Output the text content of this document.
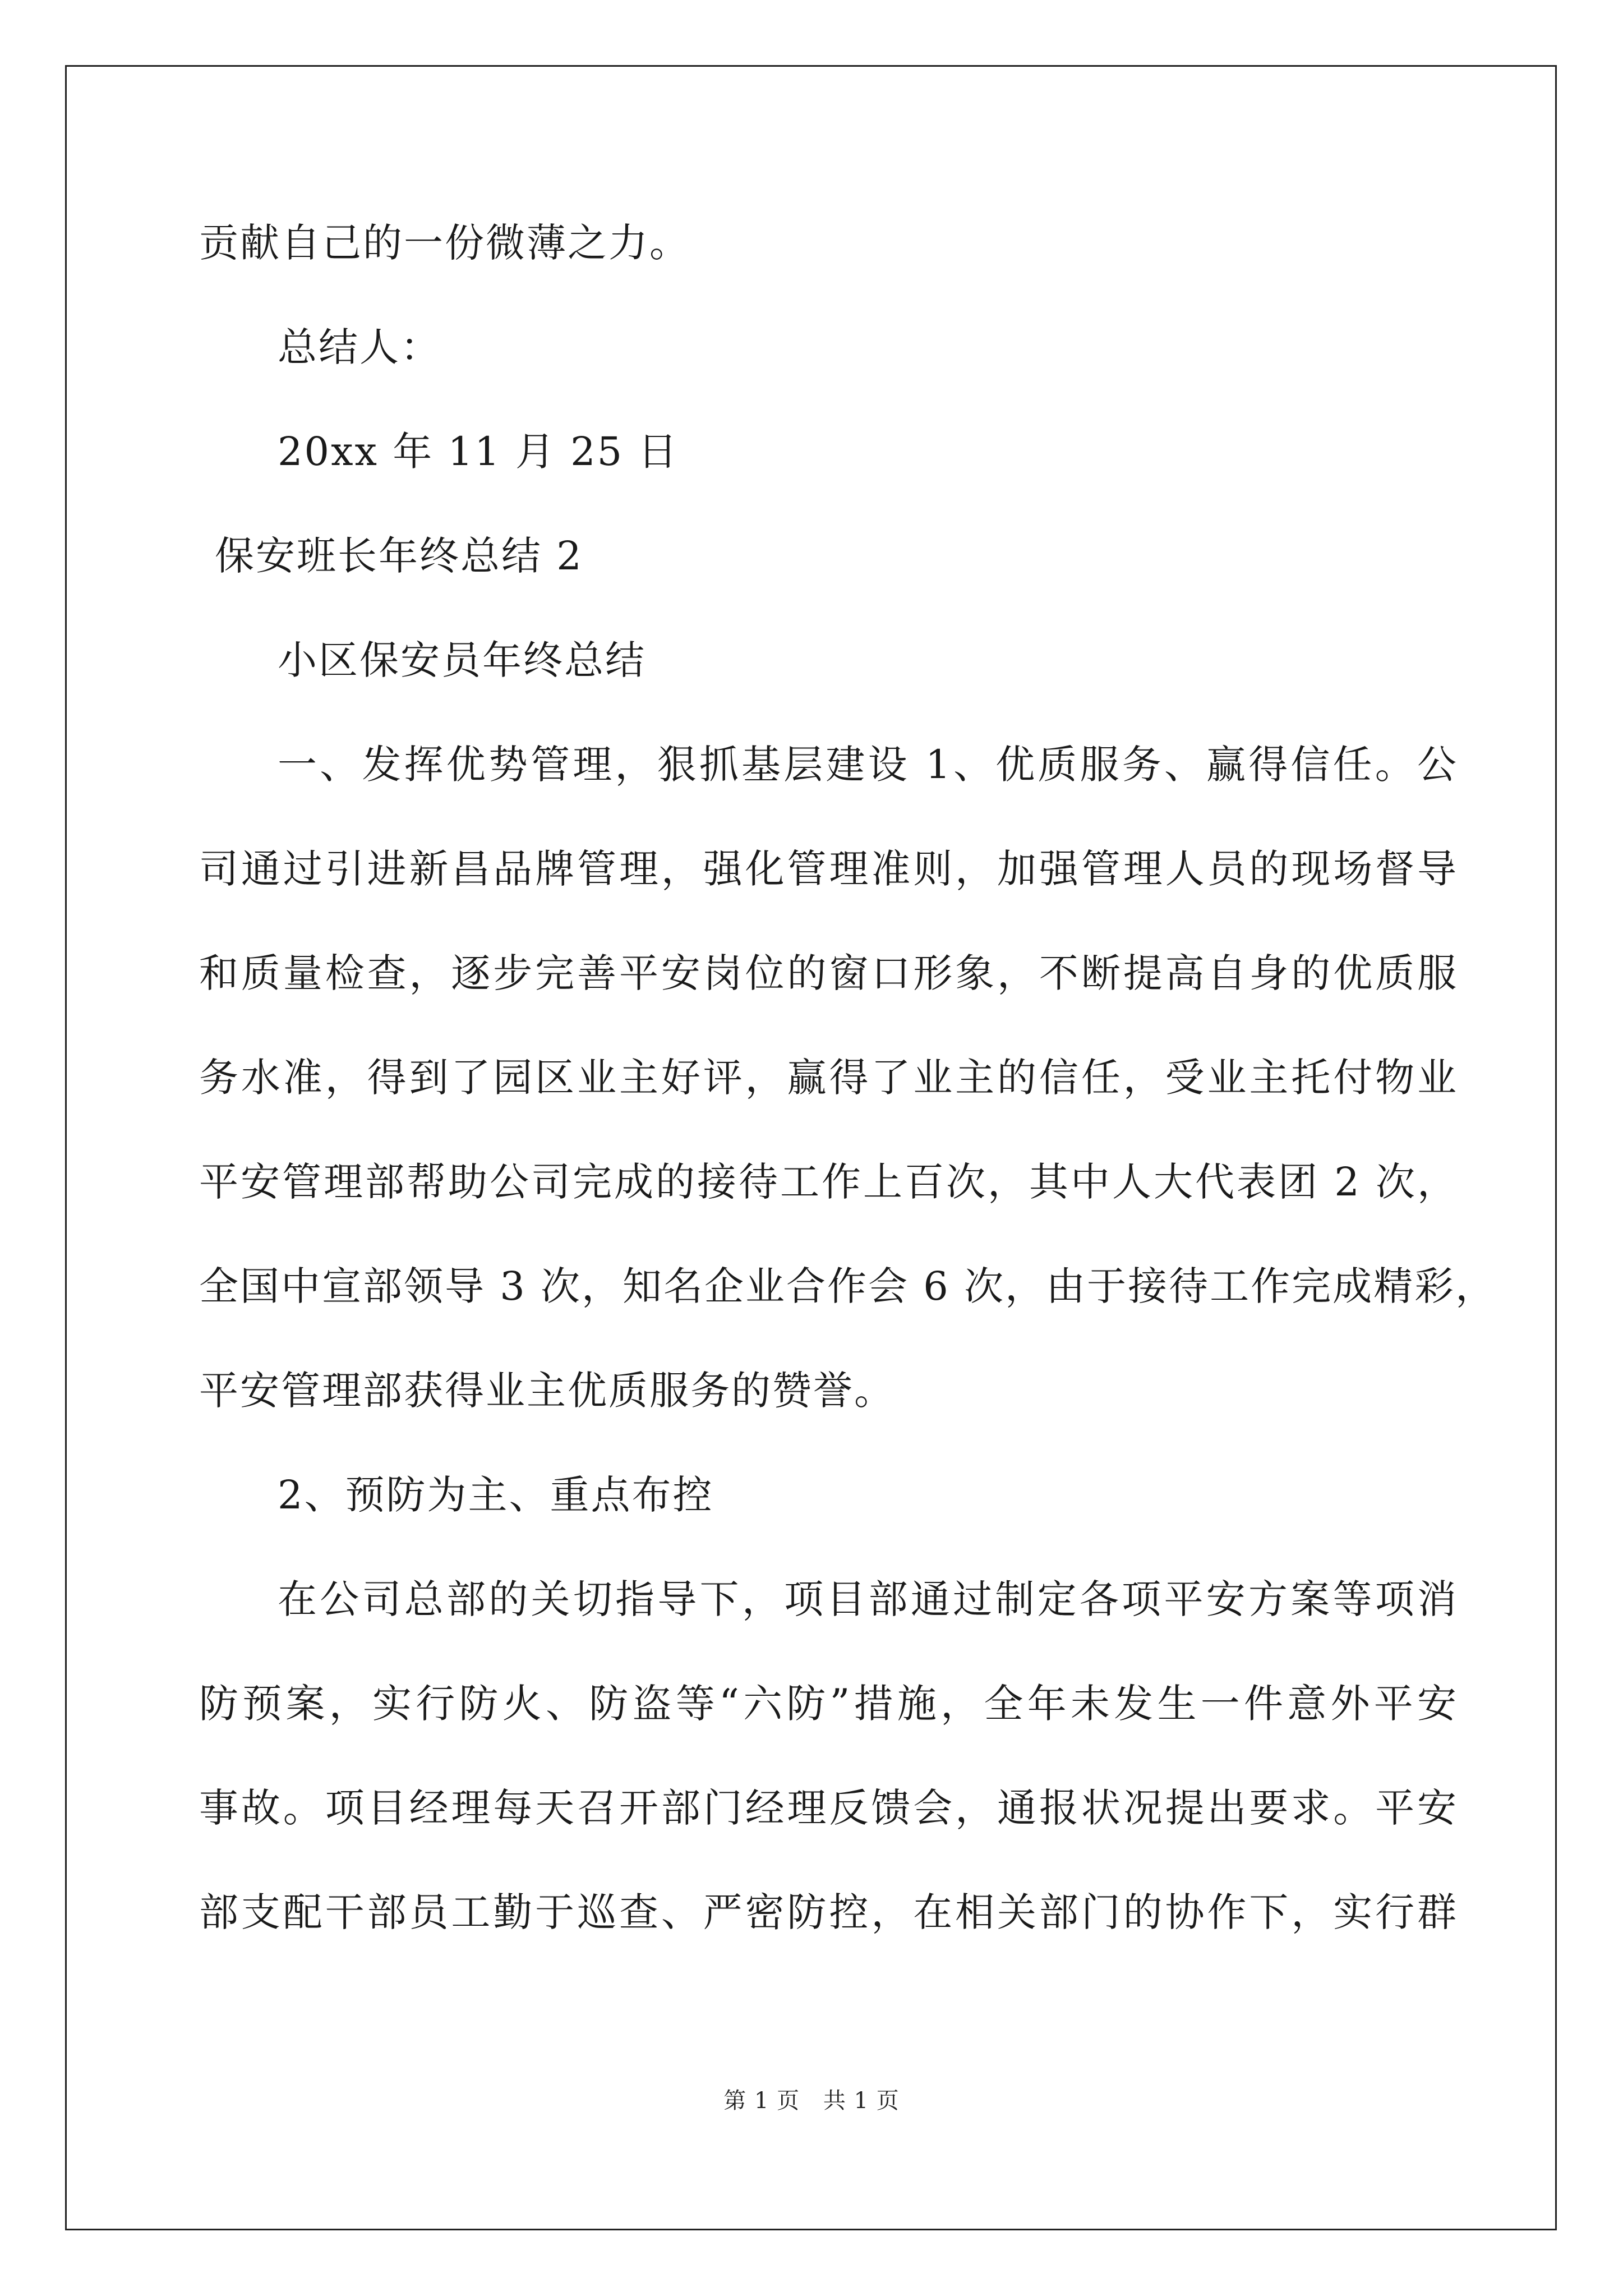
贡献自己的一份微薄之力。
总结人：
20xx 年 11 月 25 日
保安班长年终总结 2
小区保安员年终总结
一、发挥优势管理，狠抓基层建设 1、优质服务、赢得信任。公
司通过引进新昌品牌管理，强化管理准则，加强管理人员的现场督导
和质量检查，逐步完善平安岗位的窗口形象，不断提高自身的优质服
务水准，得到了园区业主好评，赢得了业主的信任，受业主托付物业
平安管理部帮助公司完成的接待工作上百次，其中人大代表团 2 次，
全国中宣部领导 3 次，知名企业合作会 6 次，由于接待工作完成精彩，
平安管理部获得业主优质服务的赞誉。
2、预防为主、重点布控
在公司总部的关切指导下，项目部通过制定各项平安方案等项消
防预案，实行防火、防盗等“六防”措施，全年未发生一件意外平安
事故。项目经理每天召开部门经理反馈会，通报状况提出要求。平安
部支配干部员工勤于巡查、严密防控，在相关部门的协作下，实行群
第 1 页 共 1 页
